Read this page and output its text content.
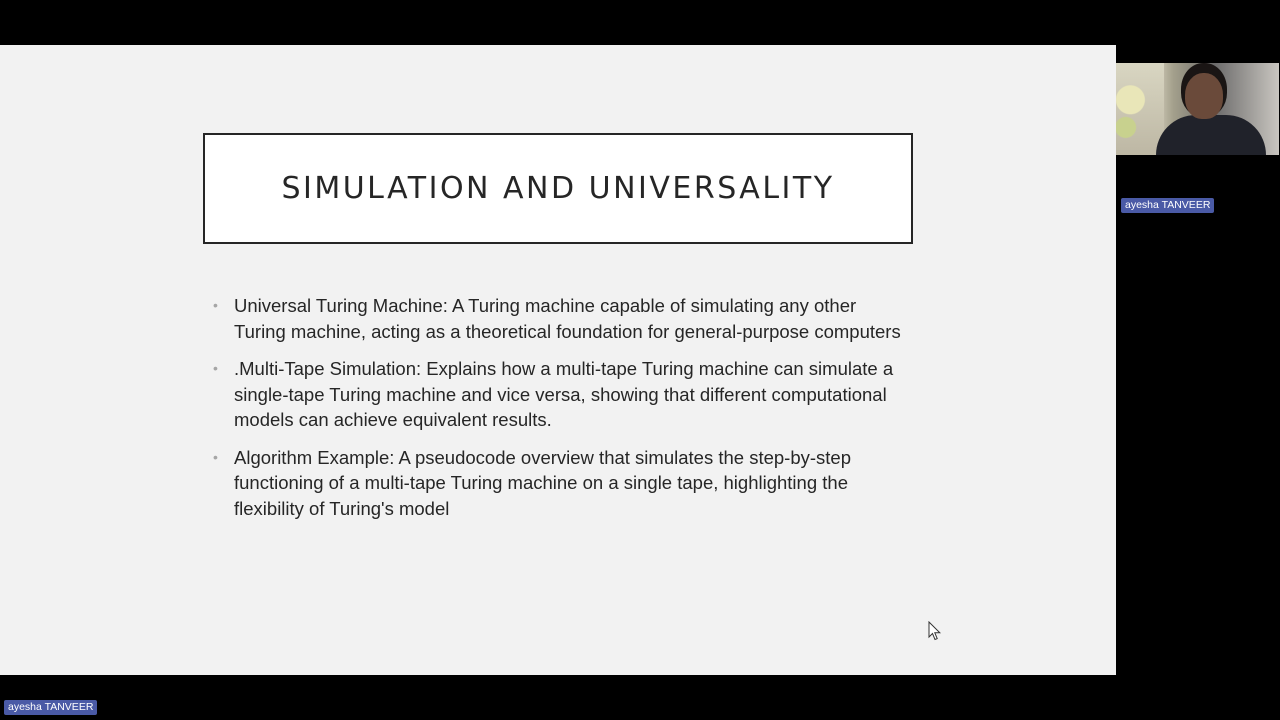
SIMULATION AND UNIVERSALITY
• Universal Turing Machine: A Turing machine capable of simulating any other Turing machine, acting as a theoretical foundation for general-purpose computers
• .Multi-Tape Simulation: Explains how a multi-tape Turing machine can simulate a single-tape Turing machine and vice versa, showing that different computational models can achieve equivalent results.
• Algorithm Example: A pseudocode overview that simulates the step-by-step functioning of a multi-tape Turing machine on a single tape, highlighting the flexibility of Turing's model
ayesha TANVEER
ayesha TANVEER
